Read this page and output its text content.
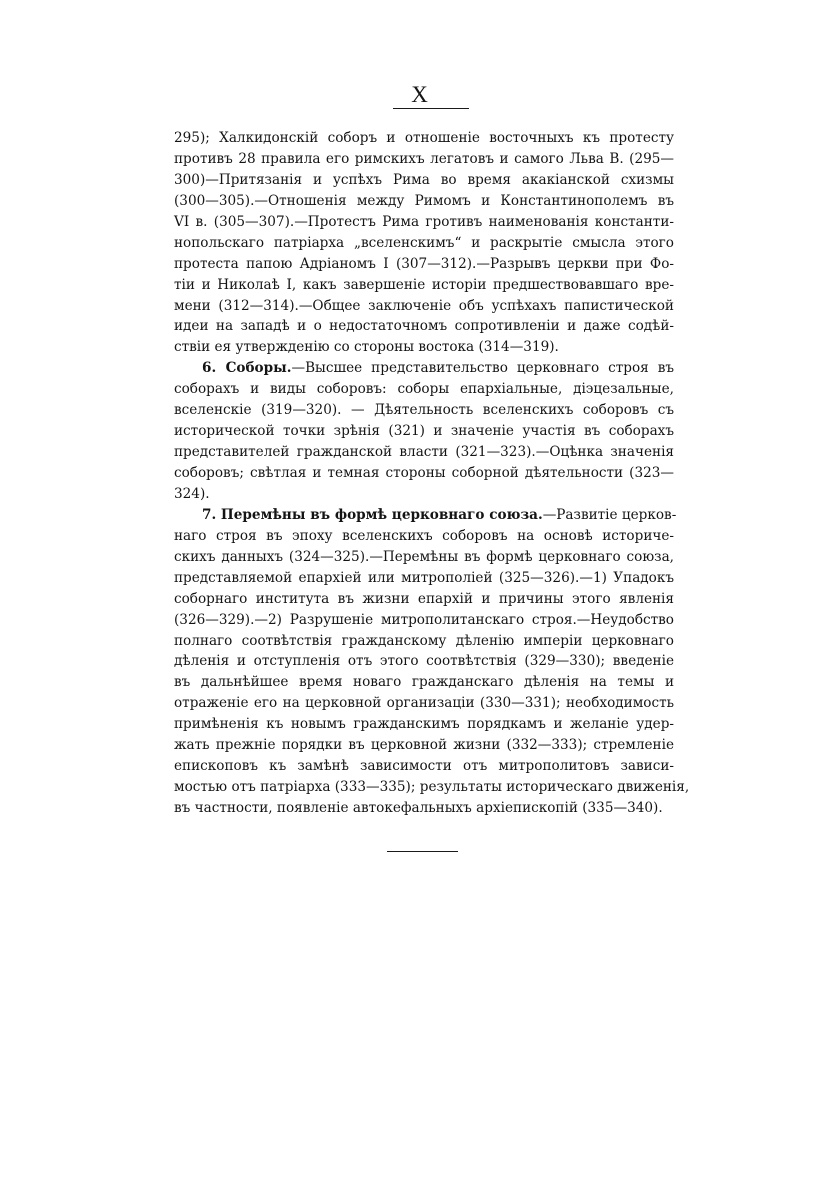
X
295); Халкидонскій соборъ и отношеніе восточныхъ къ протесту
противъ 28 правила его римскихъ легатовъ и самого Льва В. (295—
300)—Притязанія и успѣхъ Рима во время акакіанской схизмы
(300—305).—Отношенія между Римомъ и Константинополемъ въ
VI в. (305—307).—Протестъ Рима гротивъ наименованія константи-
нопольскаго патріарха „вселенскимъ“ и раскрытіе смысла этого
протеста папою Адріаномъ I (307—312).—Разрывъ церкви при Фо-
тіи и Николаѣ I, какъ завершеніе исторіи предшествовавшаго вре-
мени (312—314).—Общее заключеніе объ успѣхахъ папистической
идеи на западѣ и о недостаточномъ сопротивленіи и даже содѣй-
ствіи ея утвержденію со стороны востока (314—319).
6. Соборы.—Высшее представительство церковнаго строя въ
соборахъ и виды соборовъ: соборы епархіальные, діэцезальные,
вселенскіе (319—320). — Дѣятельность вселенскихъ соборовъ съ
исторической точки зрѣнія (321) и значеніе участія въ соборахъ
представителей гражданской власти (321—323).—Оцѣнка значенія
соборовъ; свѣтлая и темная стороны соборной дѣятельности (323—
324).
7. Перемѣны въ формѣ церковнаго союза.—Развитіе церков-
наго строя въ эпоху вселенскихъ соборовъ на основѣ историче-
скихъ данныхъ (324—325).—Перемѣны въ формѣ церковнаго союза,
представляемой епархіей или митрополіей (325—326).—1) Упадокъ
соборнаго института въ жизни епархій и причины этого явленія
(326—329).—2) Разрушеніе митрополитанскаго строя.—Неудобство
полнаго соотвѣтствія гражданскому дѣленію имперіи церковнаго
дѣленія и отступленія отъ этого соотвѣтствія (329—330); введеніе
въ дальнѣйшее время новаго гражданскаго дѣленія на темы и
отраженіе его на церковной организаціи (330—331); необходимость
примѣненія къ новымъ гражданскимъ порядкамъ и желаніе удер-
жать прежніе порядки въ церковной жизни (332—333); стремленіе
епископовъ къ замѣнѣ зависимости отъ митрополитовъ зависи-
мостью отъ патріарха (333—335); результаты историческаго движенія,
въ частности, появленіе автокефальныхъ архіепископій (335—340).
